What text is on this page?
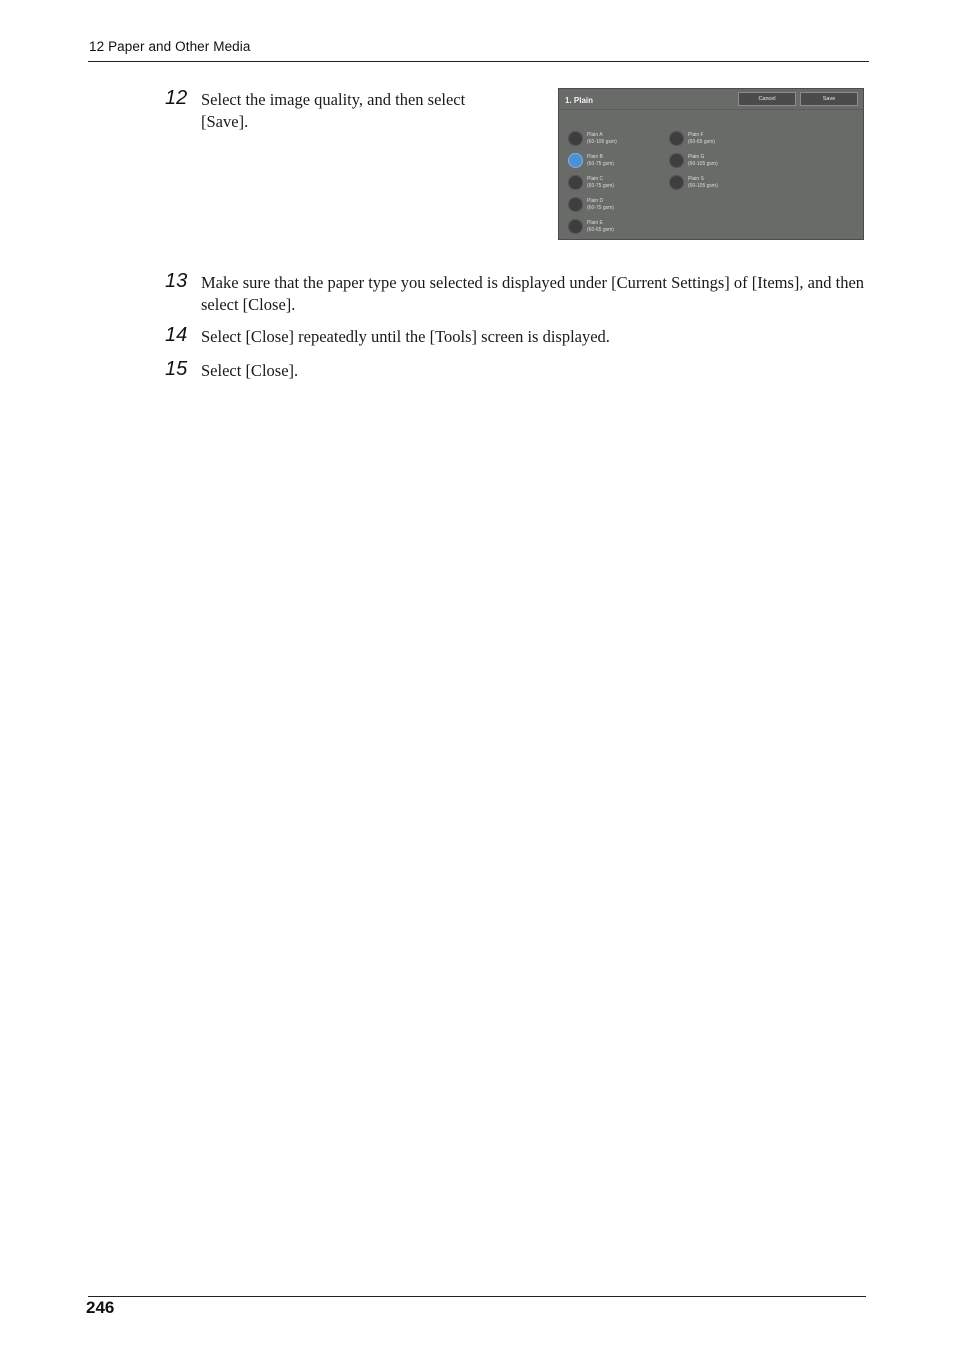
12 Paper and Other Media
12 Select the image quality, and then select [Save].
1. Plain	Cancel	Save
Plain A
(60-105 gsm)
Plain B
(60-75 gsm)
Plain C
(60-75 gsm)
Plain D
(60-75 gsm)
Plain E
(60-65 gsm)
Plain F
(60-65 gsm)
Plain G
(60-105 gsm)
Plain S
(60-105 gsm)
13 Make sure that the paper type you selected is displayed under [Current Settings] of [Items], and then select [Close].
14 Select [Close] repeatedly until the [Tools] screen is displayed.
15 Select [Close].
246
